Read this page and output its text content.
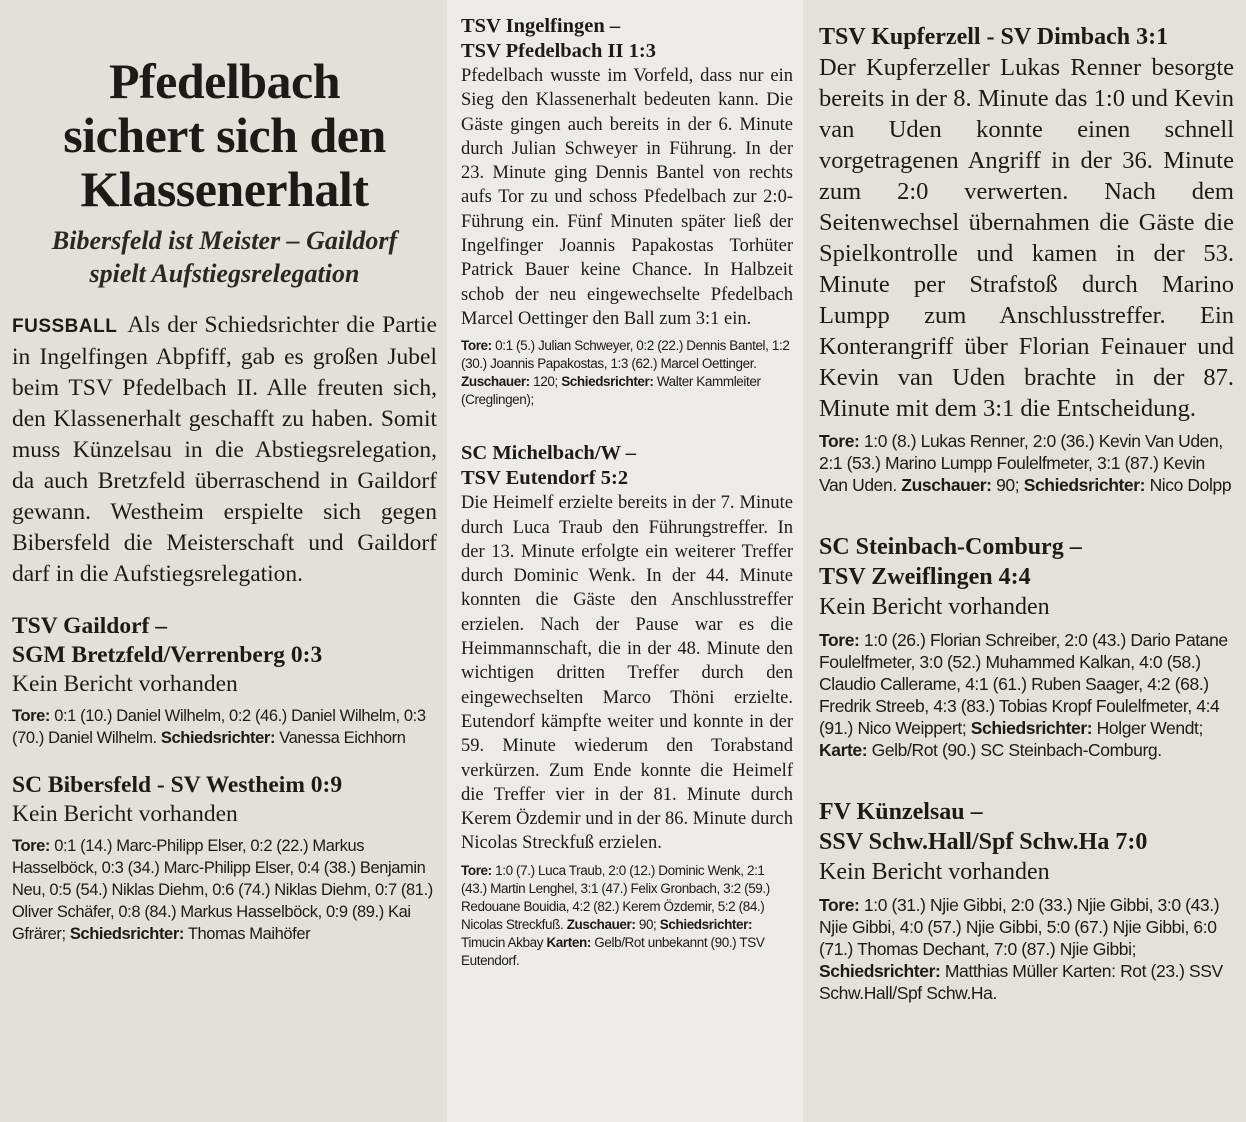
Pfedelbach
sichert sich den
Klassenerhalt
Bibersfeld ist Meister – Gaildorf
spielt Aufstiegsrelegation
FUSSBALL Als der Schiedsrichter die Partie in Ingelfingen Abpfiff, gab es großen Jubel beim TSV Pfedelbach II. Alle freuten sich, den Klassenerhalt geschafft zu haben. Somit muss Künzelsau in die Abstiegsrelegation, da auch Bretzfeld überraschend in Gaildorf gewann. Westheim erspielte sich gegen Bibersfeld die Meisterschaft und Gaildorf darf in die Aufstiegsrelegation.
TSV Gaildorf –
SGM Bretzfeld/Verrenberg 0:3
Kein Bericht vorhanden
Tore: 0:1 (10.) Daniel Wilhelm, 0:2 (46.) Daniel Wilhelm, 0:3 (70.) Daniel Wilhelm. Schiedsrichter: Vanessa Eichhorn
SC Bibersfeld - SV Westheim 0:9
Kein Bericht vorhanden
Tore: 0:1 (14.) Marc-Philipp Elser, 0:2 (22.) Markus Hasselböck, 0:3 (34.) Marc-Philipp Elser, 0:4 (38.) Benjamin Neu, 0:5 (54.) Niklas Diehm, 0:6 (74.) Niklas Diehm, 0:7 (81.) Oliver Schäfer, 0:8 (84.) Markus Hasselböck, 0:9 (89.) Kai Gfrärer; Schiedsrichter: Thomas Maihöfer
TSV Ingelfingen –
TSV Pfedelbach II 1:3
Pfedelbach wusste im Vorfeld, dass nur ein Sieg den Klassenerhalt bedeuten kann. Die Gäste gingen auch bereits in der 6. Minute durch Julian Schweyer in Führung. In der 23. Minute ging Dennis Bantel von rechts aufs Tor zu und schoss Pfedelbach zur 2:0-Führung ein. Fünf Minuten später ließ der Ingelfinger Joannis Papakostas Torhüter Patrick Bauer keine Chance. In Halbzeit schob der neu eingewechselte Pfedelbach Marcel Oettinger den Ball zum 3:1 ein.
Tore: 0:1 (5.) Julian Schweyer, 0:2 (22.) Dennis Bantel, 1:2 (30.) Joannis Papakostas, 1:3 (62.) Marcel Oettinger. Zuschauer: 120; Schiedsrichter: Walter Kammleiter (Creglingen);
SC Michelbach/W –
TSV Eutendorf 5:2
Die Heimelf erzielte bereits in der 7. Minute durch Luca Traub den Führungstreffer. In der 13. Minute erfolgte ein weiterer Treffer durch Dominic Wenk. In der 44. Minute konnten die Gäste den Anschlusstreffer erzielen. Nach der Pause war es die Heimmannschaft, die in der 48. Minute den wichtigen dritten Treffer durch den eingewechselten Marco Thöni erzielte. Eutendorf kämpfte weiter und konnte in der 59. Minute wiederum den Torabstand verkürzen. Zum Ende konnte die Heimelf die Treffer vier in der 81. Minute durch Kerem Özdemir und in der 86. Minute durch Nicolas Streckfuß erzielen.
Tore: 1:0 (7.) Luca Traub, 2:0 (12.) Dominic Wenk, 2:1 (43.) Martin Lenghel, 3:1 (47.) Felix Gronbach, 3:2 (59.) Redouane Bouidia, 4:2 (82.) Kerem Özdemir, 5:2 (84.) Nicolas Streckfuß. Zuschauer: 90; Schiedsrichter: Timucin Akbay Karten: Gelb/Rot unbekannt (90.) TSV Eutendorf.
TSV Kupferzell - SV Dimbach 3:1
Der Kupferzeller Lukas Renner besorgte bereits in der 8. Minute das 1:0 und Kevin van Uden konnte einen schnell vorgetragenen Angriff in der 36. Minute zum 2:0 verwerten. Nach dem Seitenwechsel übernahmen die Gäste die Spielkontrolle und kamen in der 53. Minute per Strafstoß durch Marino Lumpp zum Anschlusstreffer. Ein Konterangriff über Florian Feinauer und Kevin van Uden brachte in der 87. Minute mit dem 3:1 die Entscheidung.
Tore: 1:0 (8.) Lukas Renner, 2:0 (36.) Kevin Van Uden, 2:1 (53.) Marino Lumpp Foulelfmeter, 3:1 (87.) Kevin Van Uden. Zuschauer: 90; Schiedsrichter: Nico Dolpp
SC Steinbach-Comburg –
TSV Zweiflingen 4:4
Kein Bericht vorhanden
Tore: 1:0 (26.) Florian Schreiber, 2:0 (43.) Dario Patane Foulelfmeter, 3:0 (52.) Muhammed Kalkan, 4:0 (58.) Claudio Callerame, 4:1 (61.) Ruben Saager, 4:2 (68.) Fredrik Streeb, 4:3 (83.) Tobias Kropf Foulelfmeter, 4:4 (91.) Nico Weippert; Schiedsrichter: Holger Wendt; Karte: Gelb/Rot (90.) SC Steinbach-Comburg.
FV Künzelsau –
SSV Schw.Hall/Spf Schw.Ha 7:0
Kein Bericht vorhanden
Tore: 1:0 (31.) Njie Gibbi, 2:0 (33.) Njie Gibbi, 3:0 (43.) Njie Gibbi, 4:0 (57.) Njie Gibbi, 5:0 (67.) Njie Gibbi, 6:0 (71.) Thomas Dechant, 7:0 (87.) Njie Gibbi; Schiedsrichter: Matthias Müller Karten: Rot (23.) SSV Schw.Hall/Spf Schw.Ha.
